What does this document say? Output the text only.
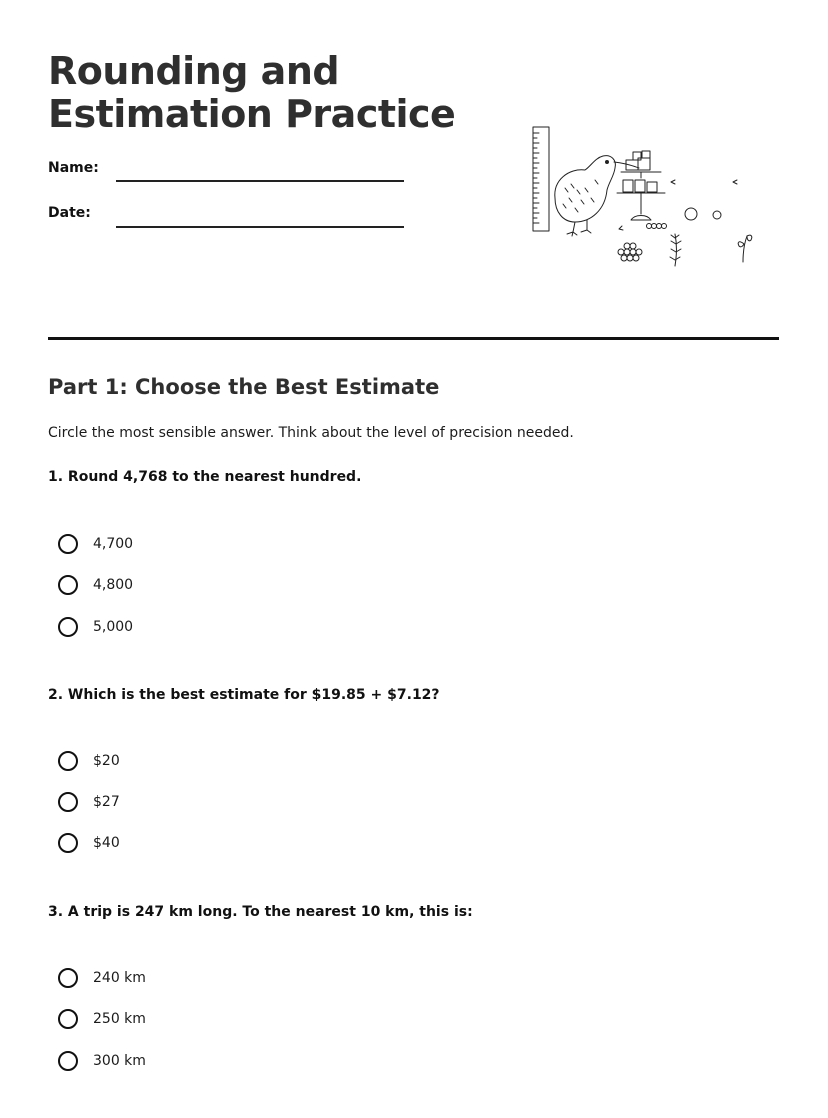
Rounding and
Estimation Practice
Name:
Date:
Part 1: Choose the Best Estimate
Circle the most sensible answer. Think about the level of precision needed.
1. Round 4,768 to the nearest hundred.
4,700
4,800
5,000
2. Which is the best estimate for $19.85 + $7.12?
$20
$27
$40
3. A trip is 247 km long. To the nearest 10 km, this is:
240 km
250 km
300 km
